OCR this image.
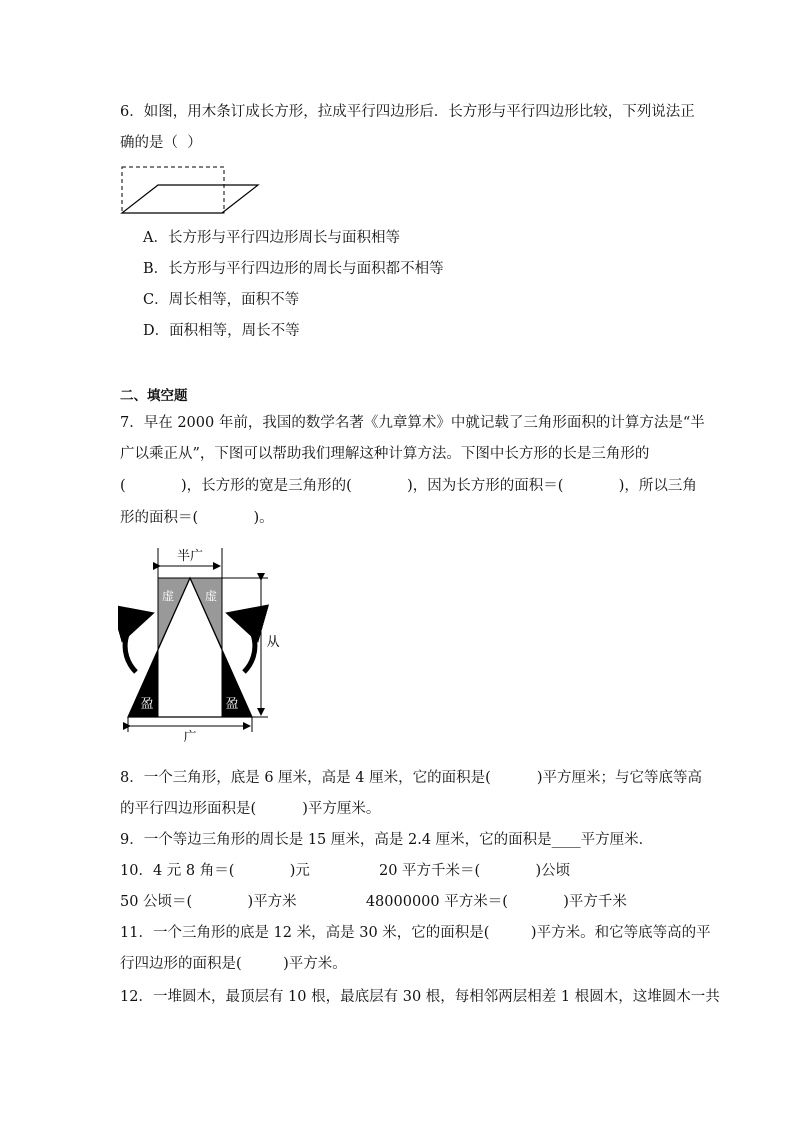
6．如图，用木条订成长方形，拉成平行四边形后．长方形与平行四边形比较，下列说法正
确的是（  ）
A．长方形与平行四边形周长与面积相等
B．长方形与平行四边形的周长与面积都不相等
C．周长相等，面积不等
D．面积相等，周长不等
二、填空题
7．早在 2000 年前，我国的数学名著《九章算术》中就记载了三角形面积的计算方法是“半
广以乘正从”，下图可以帮助我们理解这种计算方法。下图中长方形的长是三角形的
(            )，长方形的宽是三角形的(            )，因为长方形的面积＝(            )，所以三角
形的面积＝(            )。
半广
虚	虚
盈	盈
从
广
8．一个三角形，底是 6 厘米，高是 4 厘米，它的面积是(          )平方厘米；与它等底等高
的平行四边形面积是(          )平方厘米。
9．一个等边三角形的周长是 15 厘米，高是 2.4 厘米，它的面积是____平方厘米．
10．4 元 8 角＝(            )元               20 平方千米＝(            )公顷
50 公顷＝(            )平方米               48000000 平方米＝(            )平方千米
11．一个三角形的底是 12 米，高是 30 米，它的面积是(         )平方米。和它等底等高的平
行四边形的面积是(         )平方米。
12．一堆圆木，最顶层有 10 根，最底层有 30 根，每相邻两层相差 1 根圆木，这堆圆木一共
